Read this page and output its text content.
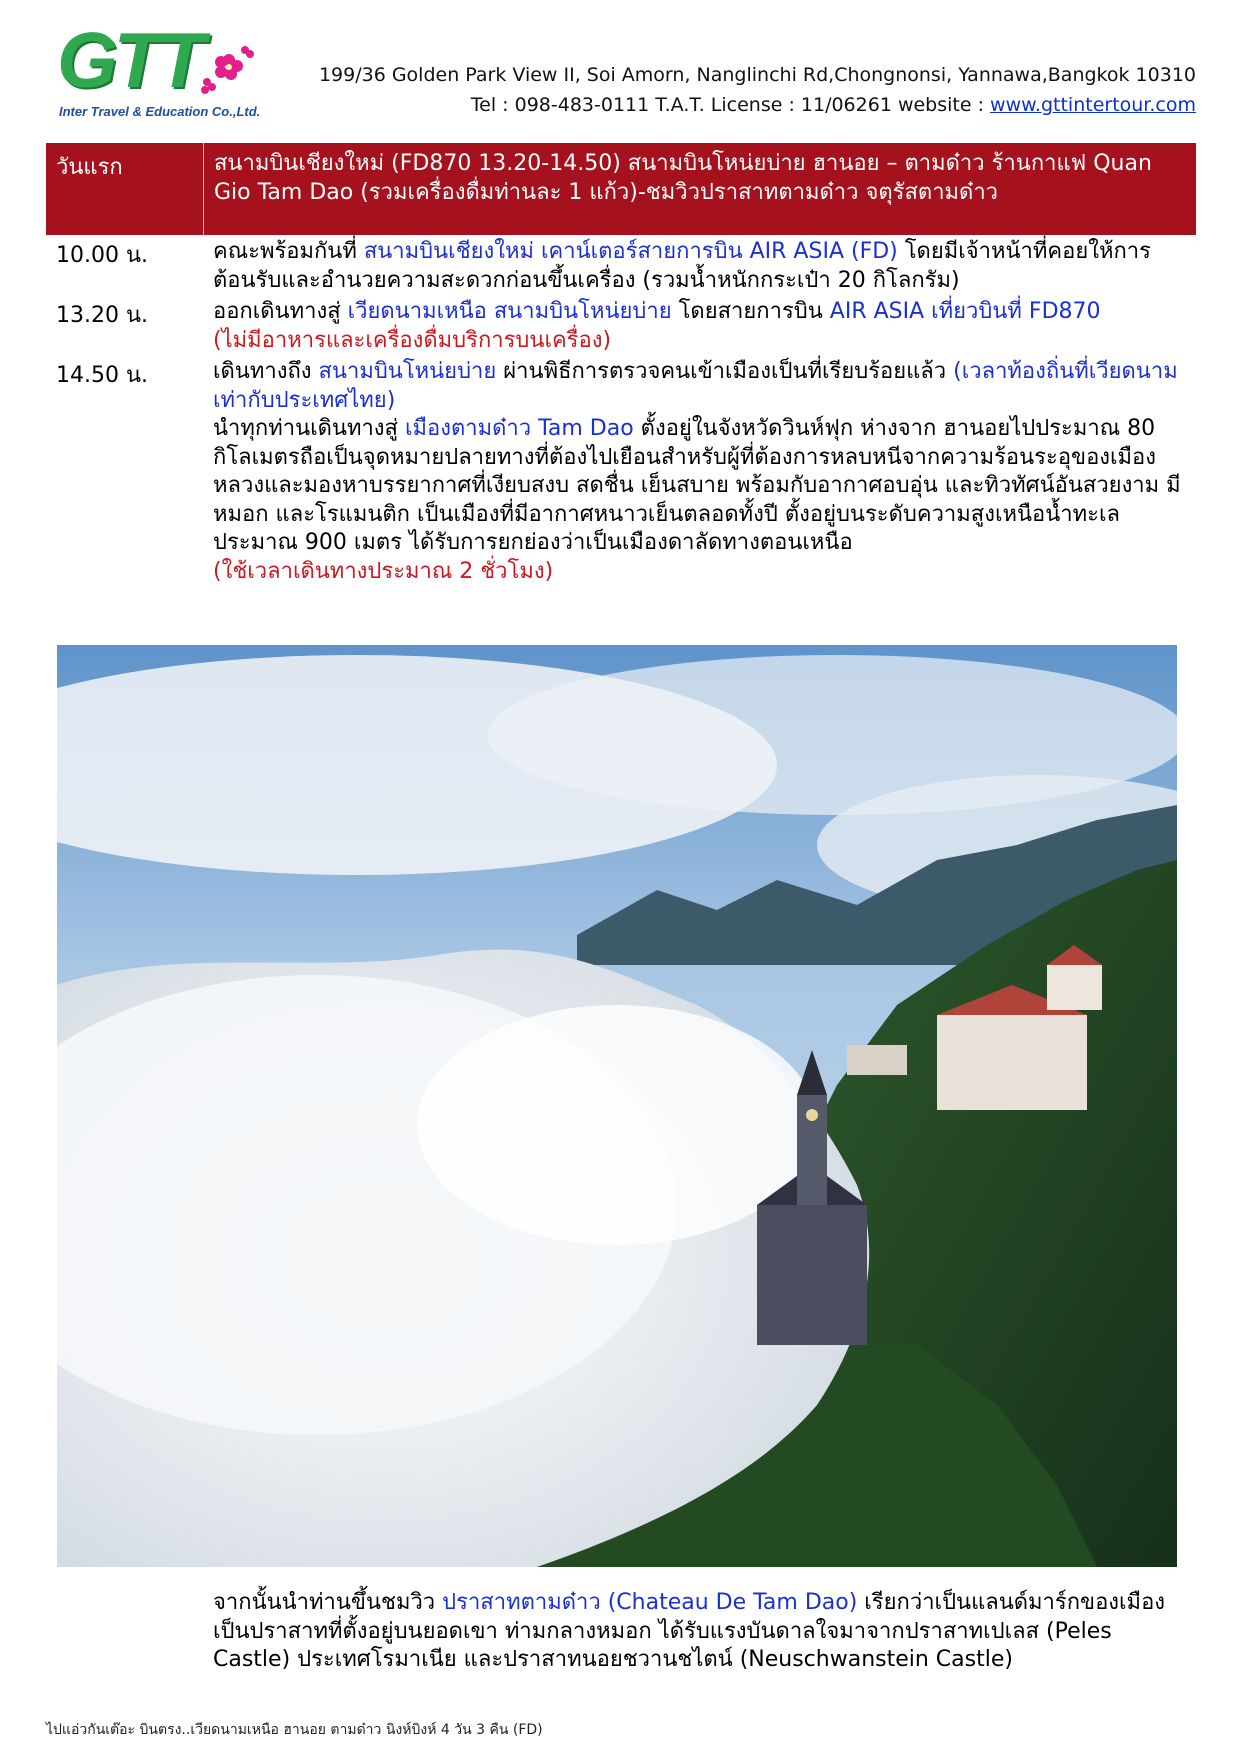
GTT
Inter Travel & Education Co.,Ltd.
199/36 Golden Park View II, Soi Amorn, Nanglinchi Rd,Chongnonsi, Yannawa,Bangkok 10310
Tel : 098-483-0111 T.A.T. License : 11/06261 website : www.gttintertour.com
วันแรก	สนามบินเชียงใหม่ (FD870 13.20-14.50) สนามบินโหน่ยบ่าย ฮานอย – ตามด๋าว ร้านกาแฟ Quan Gio Tam Dao (รวมเครื่องดื่มท่านละ 1 แก้ว)-ชมวิวปราสาทตามด๋าว จตุรัสตามด๋าว
10.00 น.	คณะพร้อมกันที่ สนามบินเชียงใหม่ เคาน์เตอร์สายการบิน AIR ASIA (FD) โดยมีเจ้าหน้าที่คอยให้การต้อนรับและอำนวยความสะดวกก่อนขึ้นเครื่อง (รวมน้ำหนักกระเป๋า 20 กิโลกรัม)
13.20 น.	ออกเดินทางสู่ เวียดนามเหนือ สนามบินโหน่ยบ่าย โดยสายการบิน AIR ASIA เที่ยวบินที่ FD870
(ไม่มีอาหารและเครื่องดื่มบริการบนเครื่อง)
14.50 น.	เดินทางถึง สนามบินโหน่ยบ่าย ผ่านพิธีการตรวจคนเข้าเมืองเป็นที่เรียบร้อยแล้ว (เวลาท้องถิ่นที่เวียดนาม เท่ากับประเทศไทย)
นำทุกท่านเดินทางสู่ เมืองตามด๋าว Tam Dao ตั้งอยู่ในจังหวัดวินห์ฟุก ห่างจาก ฮานอยไปประมาณ 80 กิโลเมตรถือเป็นจุดหมายปลายทางที่ต้องไปเยือนสำหรับผู้ที่ต้องการหลบหนีจากความร้อนระอุของเมืองหลวงและมองหาบรรยากาศที่เงียบสงบ สดชื่น เย็นสบาย พร้อมกับอากาศอบอุ่น และทิวทัศน์อันสวยงาม มีหมอก และโรแมนติก เป็นเมืองที่มีอากาศหนาวเย็นตลอดทั้งปี ตั้งอยู่บนระดับความสูงเหนือน้ำทะเลประมาณ 900 เมตร ได้รับการยกย่องว่าเป็นเมืองดาลัดทางตอนเหนือ
(ใช้เวลาเดินทางประมาณ 2 ชั่วโมง)
จากนั้นนำท่านขึ้นชมวิว ปราสาทตามด๋าว (Chateau De Tam Dao) เรียกว่าเป็นแลนด์มาร์กของเมือง เป็นปราสาทที่ตั้งอยู่บนยอดเขา ท่ามกลางหมอก ได้รับแรงบันดาลใจมาจากปราสาทเปเลส (Peles Castle) ประเทศโรมาเนีย และปราสาทนอยชวานชไตน์ (Neuschwanstein Castle)
ไปแอ่วกันเต๊อะ บินตรง..เวียดนามเหนือ ฮานอย ตามด๋าว นิงห์บิงห์ 4 วัน 3 คืน (FD)
